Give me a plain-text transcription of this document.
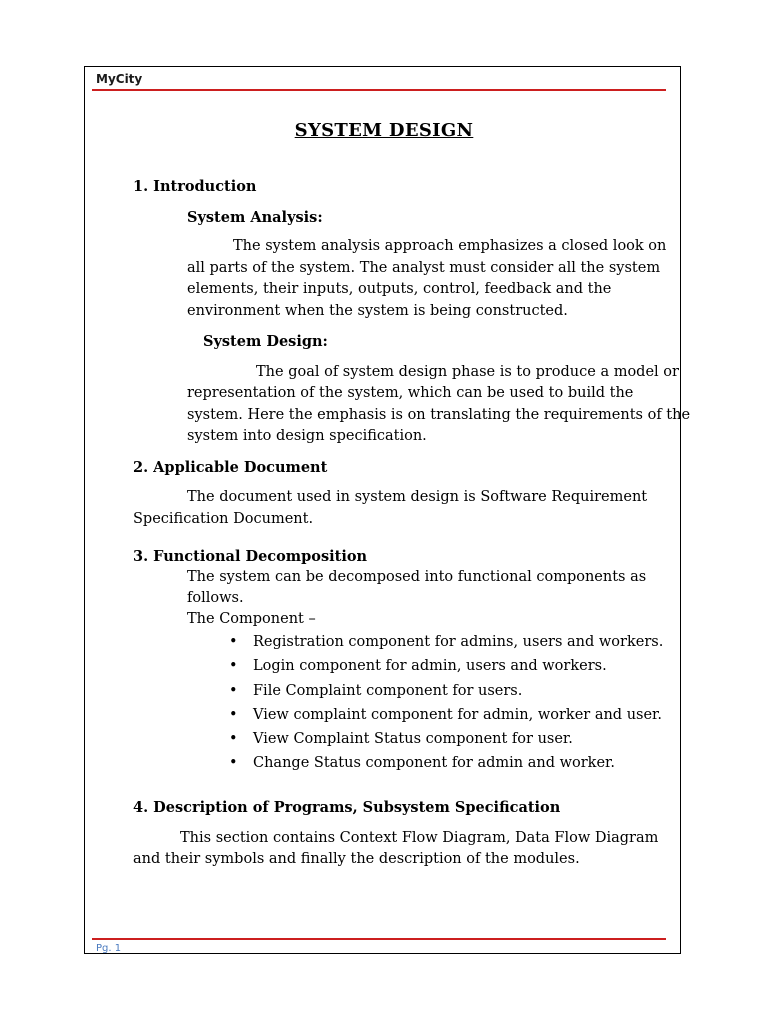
MyCity
SYSTEM DESIGN
1. Introduction
System Analysis:
The system analysis approach emphasizes a closed look on
all parts of the system. The analyst must consider all the system
elements, their inputs, outputs, control, feedback and the
environment when the system is being constructed.
System Design:
The goal of system design phase is to produce a model or
representation of the system, which can be used to build the
system. Here the emphasis is on translating the requirements of the
system into design specification.
2. Applicable Document
The document used in system design is Software Requirement
Specification Document.
3. Functional Decomposition
The system can be decomposed into functional components as
follows.
The Component –
• Registration component for admins, users and workers.
• Login component for admin, users and workers.
• File Complaint component for users.
• View complaint component for admin, worker and user.
• View Complaint Status component for user.
• Change Status component for admin and worker.
4. Description of Programs, Subsystem Specification
This section contains Context Flow Diagram, Data Flow Diagram
and their symbols and finally the description of the modules.
Pg. 1
